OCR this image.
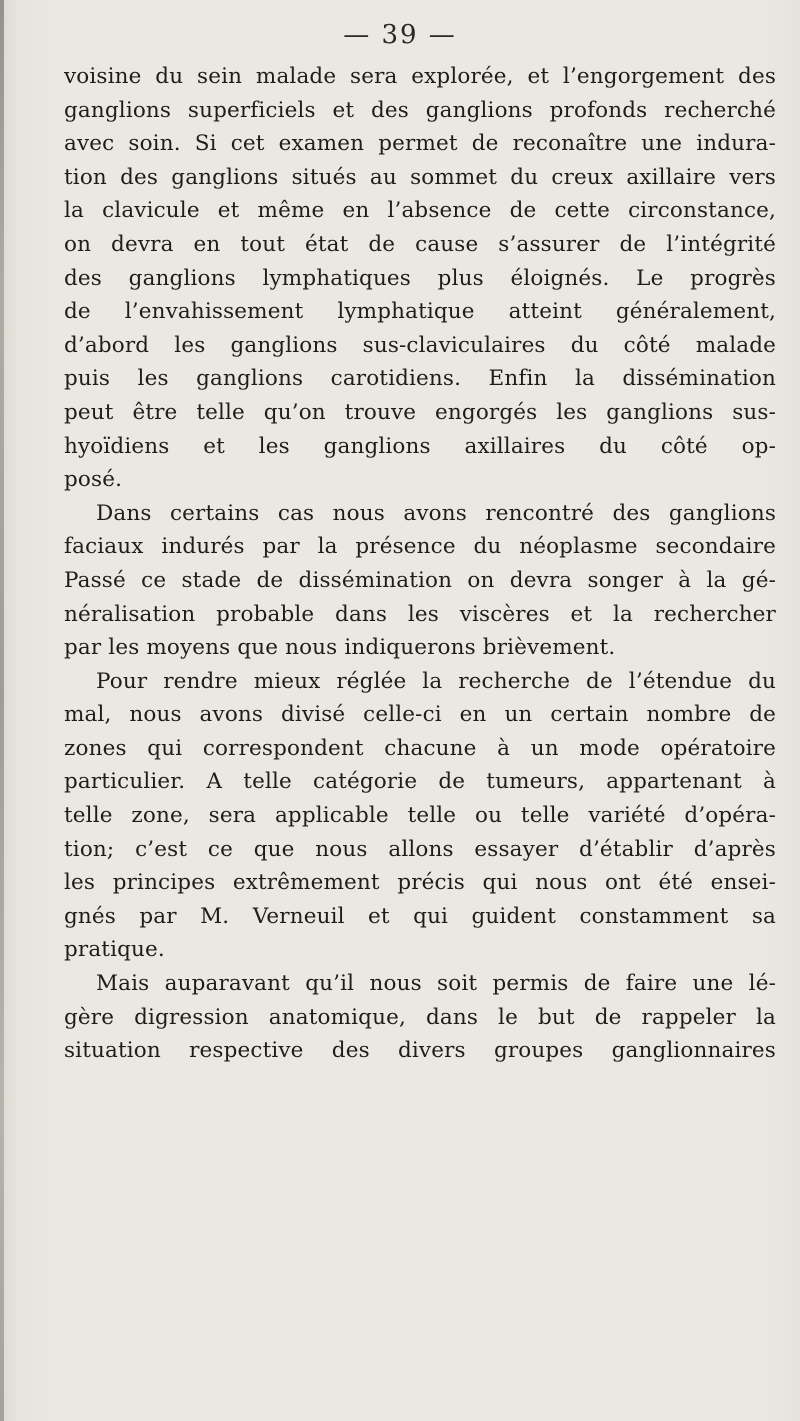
— 39 —
voisine du sein malade sera explorée, et l’engorgement des
ganglions superficiels et des ganglions profonds recherché
avec soin. Si cet examen permet de reconaître une indura-
tion des ganglions situés au sommet du creux axillaire vers
la clavicule et même en l’absence de cette circonstance,
on devra en tout état de cause s’assurer de l’intégrité
des ganglions lymphatiques plus éloignés. Le progrès
de l’envahissement lymphatique atteint généralement,
d’abord les ganglions sus-claviculaires du côté malade
puis les ganglions carotidiens. Enfin la dissémination
peut être telle qu’on trouve engorgés les ganglions sus-
hyoïdiens et les ganglions axillaires du côté op-
posé.
Dans certains cas nous avons rencontré des ganglions
faciaux indurés par la présence du néoplasme secondaire
Passé ce stade de dissémination on devra songer à la gé-
néralisation probable dans les viscères et la rechercher
par les moyens que nous indiquerons brièvement.
Pour rendre mieux réglée la recherche de l’étendue du
mal, nous avons divisé celle-ci en un certain nombre de
zones qui correspondent chacune à un mode opératoire
particulier. A telle catégorie de tumeurs, appartenant à
telle zone, sera applicable telle ou telle variété d’opéra-
tion; c’est ce que nous allons essayer d’établir d’après
les principes extrêmement précis qui nous ont été ensei-
gnés par M. Verneuil et qui guident constamment sa
pratique.
Mais auparavant qu’il nous soit permis de faire une lé-
gère digression anatomique, dans le but de rappeler la
situation respective des divers groupes ganglionnaires
